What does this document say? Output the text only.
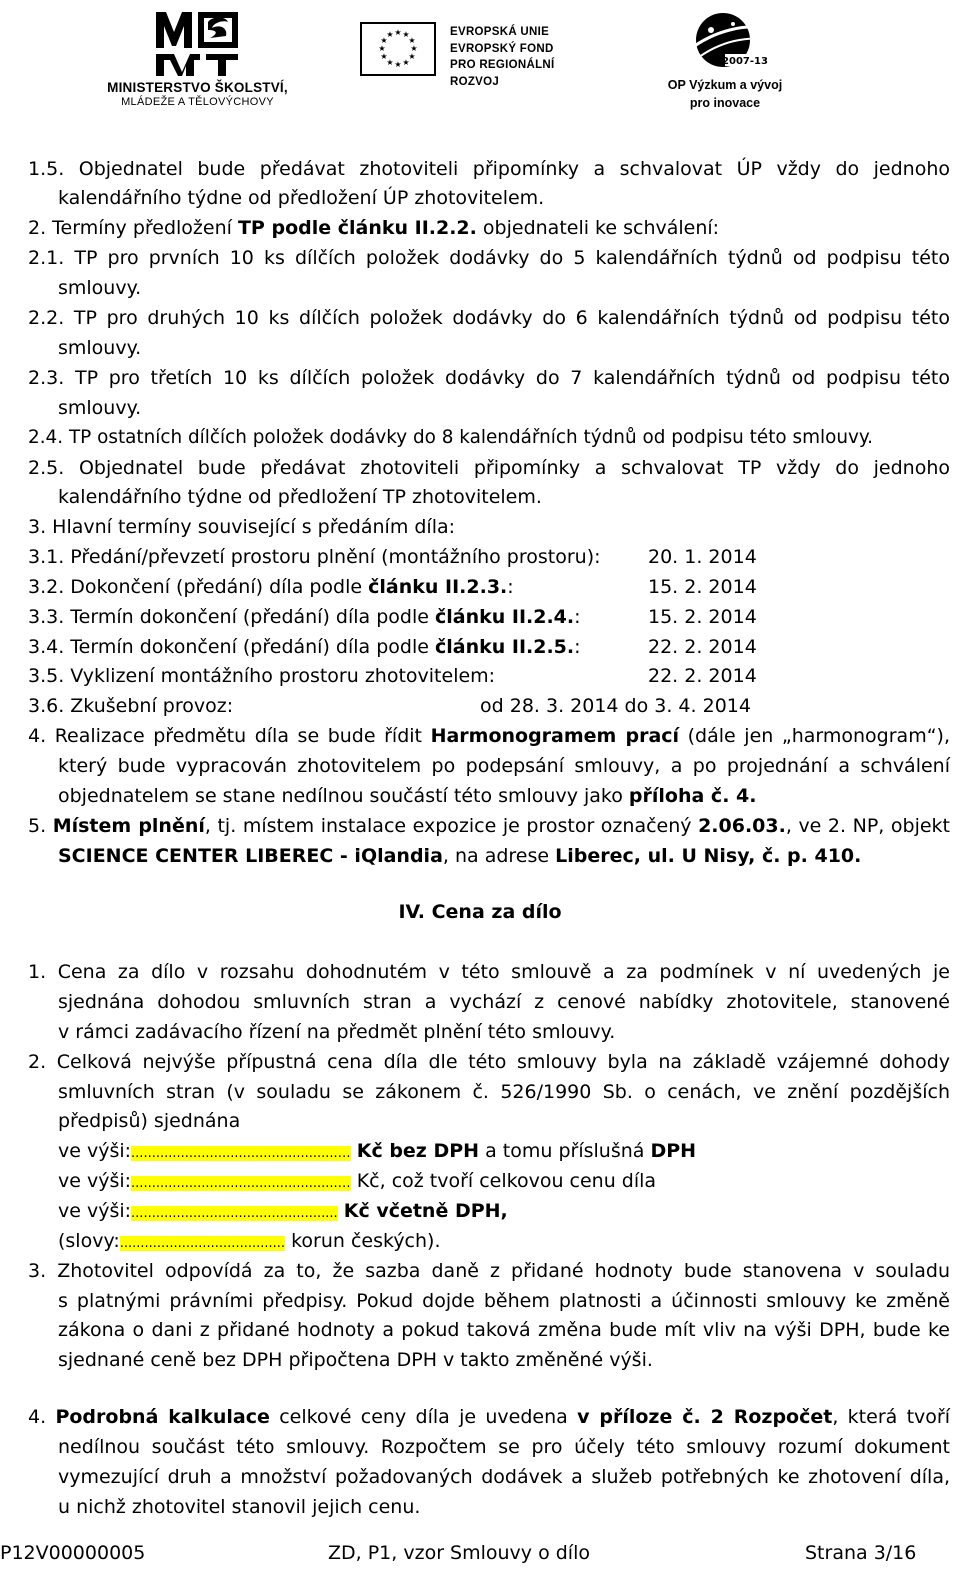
MINISTERSTVO ŠKOLSTVÍ,
MLÁDEŽE A TĚLOVÝCHOVY
★ ★
★
★
★
★
★
★
★
★
★
★	EVROPSKÁ UNIE
EVROPSKÝ FOND
PRO REGIONÁLNÍ ROZVOJ
2007-13
OP Výzkum a vývoj
pro inovace
1.5. Objednatel bude předávat zhotoviteli připomínky a schvalovat ÚP vždy do jednoho
kalendářního týdne od předložení ÚP zhotovitelem.
2. Termíny předložení TP podle článku II.2.2. objednateli ke schválení:
2.1. TP pro prvních 10 ks dílčích položek dodávky do 5 kalendářních týdnů od podpisu této
smlouvy.
2.2. TP pro druhých 10 ks dílčích položek dodávky do 6 kalendářních týdnů od podpisu této
smlouvy.
2.3. TP pro třetích 10 ks dílčích položek dodávky do 7 kalendářních týdnů od podpisu této
smlouvy.
2.4. TP ostatních dílčích položek dodávky do 8 kalendářních týdnů od podpisu této smlouvy.
2.5. Objednatel bude předávat zhotoviteli připomínky a schvalovat TP vždy do jednoho
kalendářního týdne od předložení TP zhotovitelem.
3. Hlavní termíny související s předáním díla:
3.1. Předání/převzetí prostoru plnění (montážního prostoru): 20. 1. 2014
3.2. Dokončení (předání) díla podle článku II.2.3.:	15. 2. 2014
3.3. Termín dokončení (předání) díla podle článku II.2.4.:	15. 2. 2014
3.4. Termín dokončení (předání) díla podle článku II.2.5.:	22. 2. 2014
3.5. Vyklizení montážního prostoru zhotovitelem:	22. 2. 2014
3.6. Zkušební provoz:	od 28. 3. 2014 do 3. 4. 2014
4. Realizace předmětu díla se bude řídit Harmonogramem prací (dále jen „harmonogram“),
který bude vypracován zhotovitelem po podepsání smlouvy, a po projednání a schválení
objednatelem se stane nedílnou součástí této smlouvy jako příloha č. 4.
5. Místem plnění, tj. místem instalace expozice je prostor označený 2.06.03., ve 2. NP, objekt
SCIENCE CENTER LIBEREC - iQlandia, na adrese Liberec, ul. U Nisy, č. p. 410.
IV. Cena za dílo
1. Cena za dílo v rozsahu dohodnutém v této smlouvě a za podmínek v ní uvedených je
sjednána dohodou smluvních stran a vychází z cenové nabídky zhotovitele, stanovené
v rámci zadávacího řízení na předmět plnění této smlouvy.
2. Celková nejvýše přípustná cena díla dle této smlouvy byla na základě vzájemné dohody
smluvních stran (v souladu se zákonem č. 526/1990 Sb. o cenách, ve znění pozdějších
předpisů) sjednána
ve výši:..................................................… Kč bez DPH a tomu příslušná DPH
ve výši:..................................................… Kč, což tvoří celkovou cenu díla
ve výši:.................................................. Kč včetně DPH,
(slovy:........................................ korun českých).
3. Zhotovitel odpovídá za to, že sazba daně z přidané hodnoty bude stanovena v souladu
s platnými právními předpisy. Pokud dojde během platnosti a účinnosti smlouvy ke změně
zákona o dani z přidané hodnoty a pokud taková změna bude mít vliv na výši DPH, bude ke
sjednané ceně bez DPH připočtena DPH v takto změněné výši.
4. Podrobná kalkulace celkové ceny díla je uvedena v příloze č. 2 Rozpočet, která tvoří
nedílnou součást této smlouvy. Rozpočtem se pro účely této smlouvy rozumí dokument
vymezující druh a množství požadovaných dodávek a služeb potřebných ke zhotovení díla,
u nichž zhotovitel stanovil jejich cenu.
P12V00000005	ZD, P1, vzor Smlouvy o dílo	Strana 3/16
